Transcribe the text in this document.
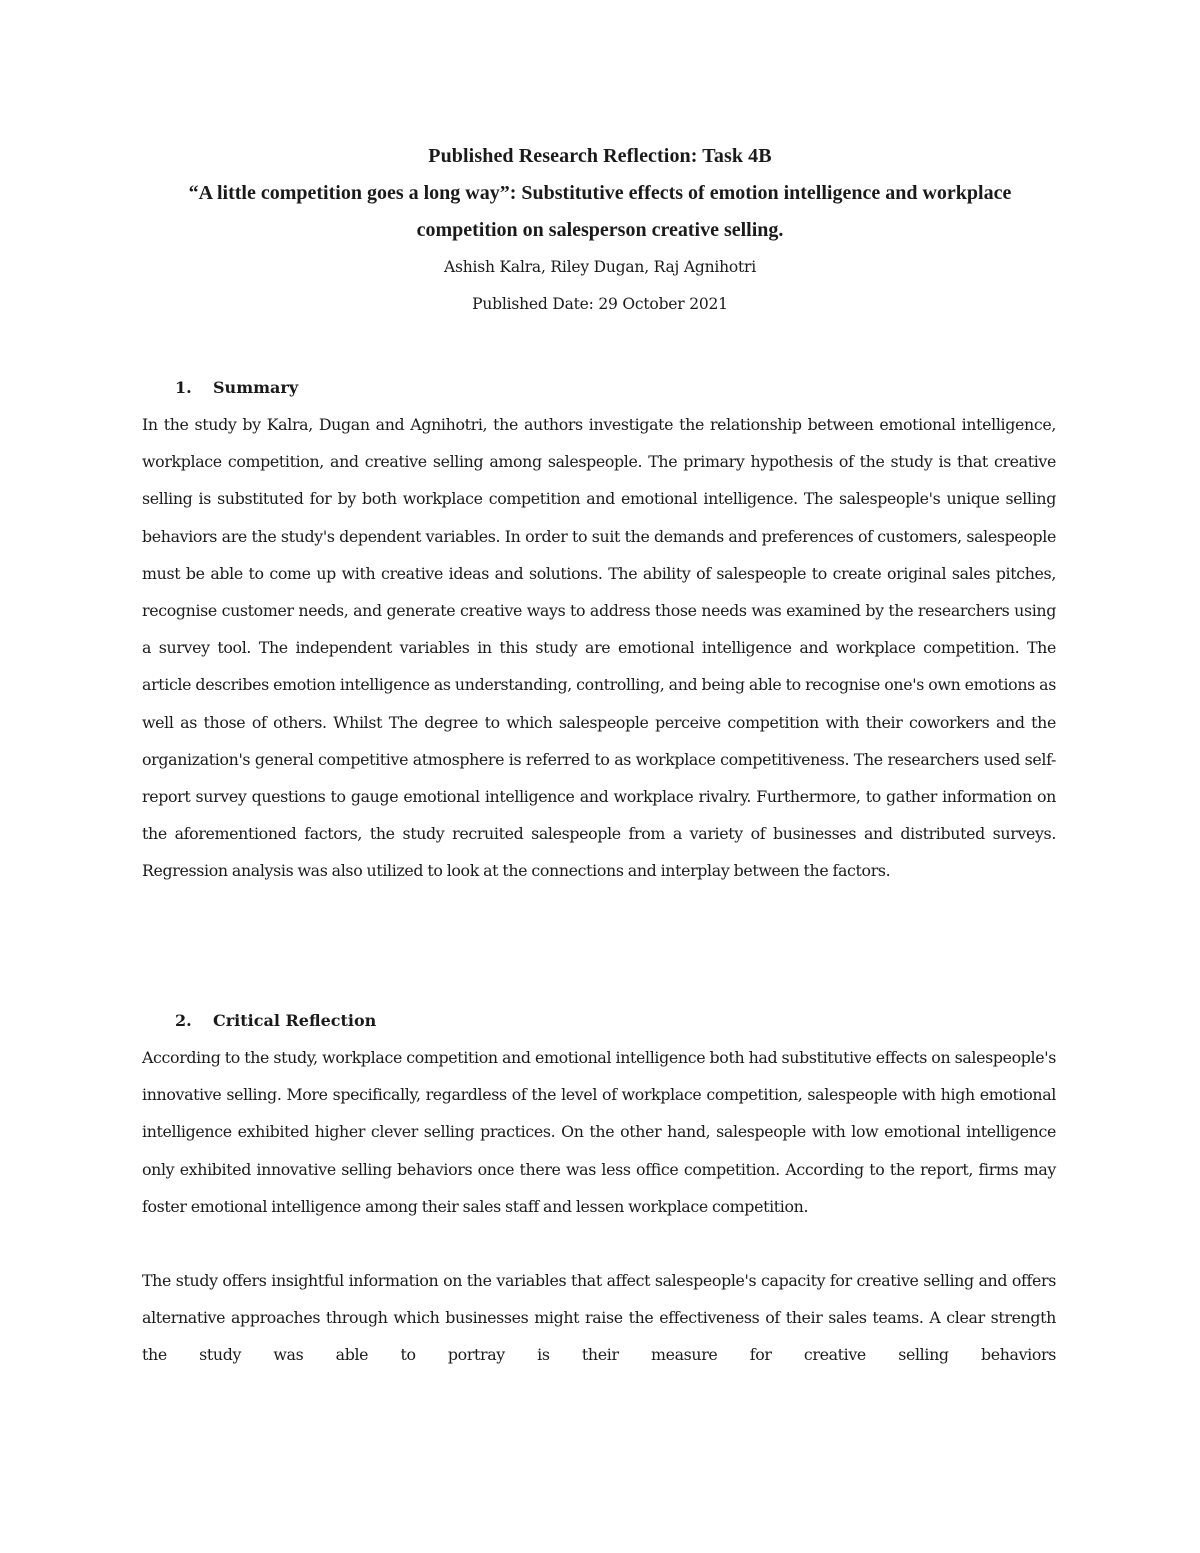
Published Research Reflection: Task 4B

“A little competition goes a long way”: Substitutive effects of emotion intelligence and workplace competition on salesperson creative selling.

Ashish Kalra, Riley Dugan, Raj Agnihotri

Published Date: 29 October 2021

1. Summary

In the study by Kalra, Dugan and Agnihotri, the authors investigate the relationship between emotional intelligence, workplace competition, and creative selling among salespeople. The primary hypothesis of the study is that creative selling is substituted for by both workplace competition and emotional intelligence. The salespeople's unique selling behaviors are the study's dependent variables. In order to suit the demands and preferences of customers, salespeople must be able to come up with creative ideas and solutions. The ability of salespeople to create original sales pitches, recognise customer needs, and generate creative ways to address those needs was examined by the researchers using a survey tool. The independent variables in this study are emotional intelligence and workplace competition. The article describes emotion intelligence as understanding, controlling, and being able to recognise one's own emotions as well as those of others. Whilst The degree to which salespeople perceive competition with their coworkers and the organization's general competitive atmosphere is referred to as workplace competitiveness. The researchers used self-report survey questions to gauge emotional intelligence and workplace rivalry. Furthermore, to gather information on the aforementioned factors, the study recruited salespeople from a variety of businesses and distributed surveys. Regression analysis was also utilized to look at the connections and interplay between the factors.

2. Critical Reflection

According to the study, workplace competition and emotional intelligence both had substitutive effects on salespeople's innovative selling. More specifically, regardless of the level of workplace competition, salespeople with high emotional intelligence exhibited higher clever selling practices. On the other hand, salespeople with low emotional intelligence only exhibited innovative selling behaviors once there was less office competition. According to the report, firms may foster emotional intelligence among their sales staff and lessen workplace competition.

The study offers insightful information on the variables that affect salespeople's capacity for creative selling and offers alternative approaches through which businesses might raise the effectiveness of their sales teams. A clear strength the study was able to portray is their measure for creative selling behaviors
